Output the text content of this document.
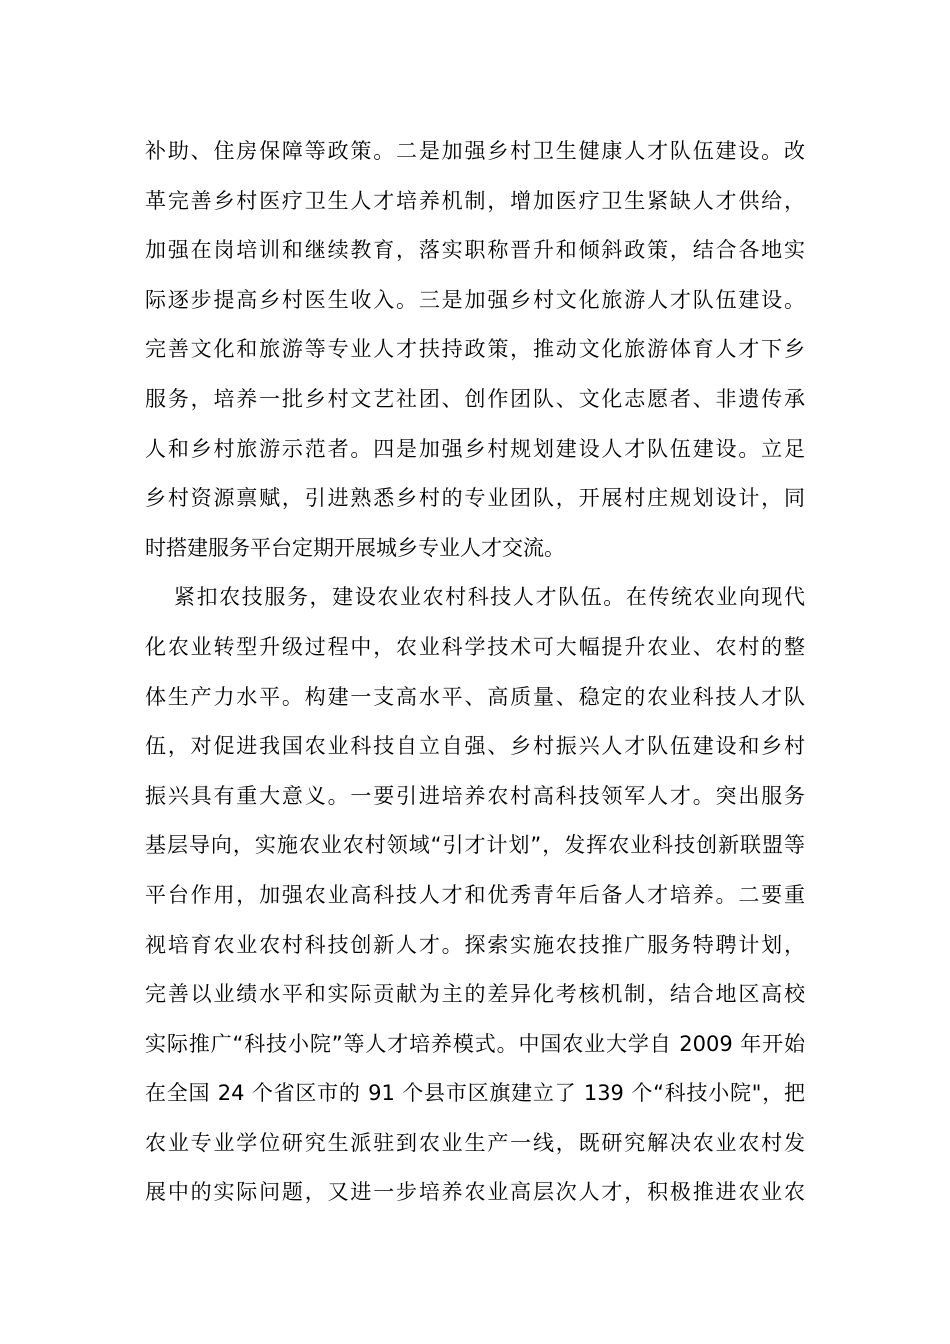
补助、住房保障等政策。二是加强乡村卫生健康人才队伍建设。改
革完善乡村医疗卫生人才培养机制，增加医疗卫生紧缺人才供给，
加强在岗培训和继续教育，落实职称晋升和倾斜政策，结合各地实
际逐步提高乡村医生收入。三是加强乡村文化旅游人才队伍建设。
完善文化和旅游等专业人才扶持政策，推动文化旅游体育人才下乡
服务，培养一批乡村文艺社团、创作团队、文化志愿者、非遗传承
人和乡村旅游示范者。四是加强乡村规划建设人才队伍建设。立足
乡村资源禀赋，引进熟悉乡村的专业团队，开展村庄规划设计，同
时搭建服务平台定期开展城乡专业人才交流。
紧扣农技服务，建设农业农村科技人才队伍。在传统农业向现代
化农业转型升级过程中，农业科学技术可大幅提升农业、农村的整
体生产力水平。构建一支高水平、高质量、稳定的农业科技人才队
伍，对促进我国农业科技自立自强、乡村振兴人才队伍建设和乡村
振兴具有重大意义。一要引进培养农村高科技领军人才。突出服务
基层导向，实施农业农村领域“引才计划”，发挥农业科技创新联盟等
平台作用，加强农业高科技人才和优秀青年后备人才培养。二要重
视培育农业农村科技创新人才。探索实施农技推广服务特聘计划，
完善以业绩水平和实际贡献为主的差异化考核机制，结合地区高校
实际推广“科技小院”等人才培养模式。中国农业大学自 2009 年开始
在全国 24 个省区市的 91 个县市区旗建立了 139 个“科技小院"，把
农业专业学位研究生派驻到农业生产一线，既研究解决农业农村发
展中的实际问题，又进一步培养农业高层次人才，积极推进农业农
